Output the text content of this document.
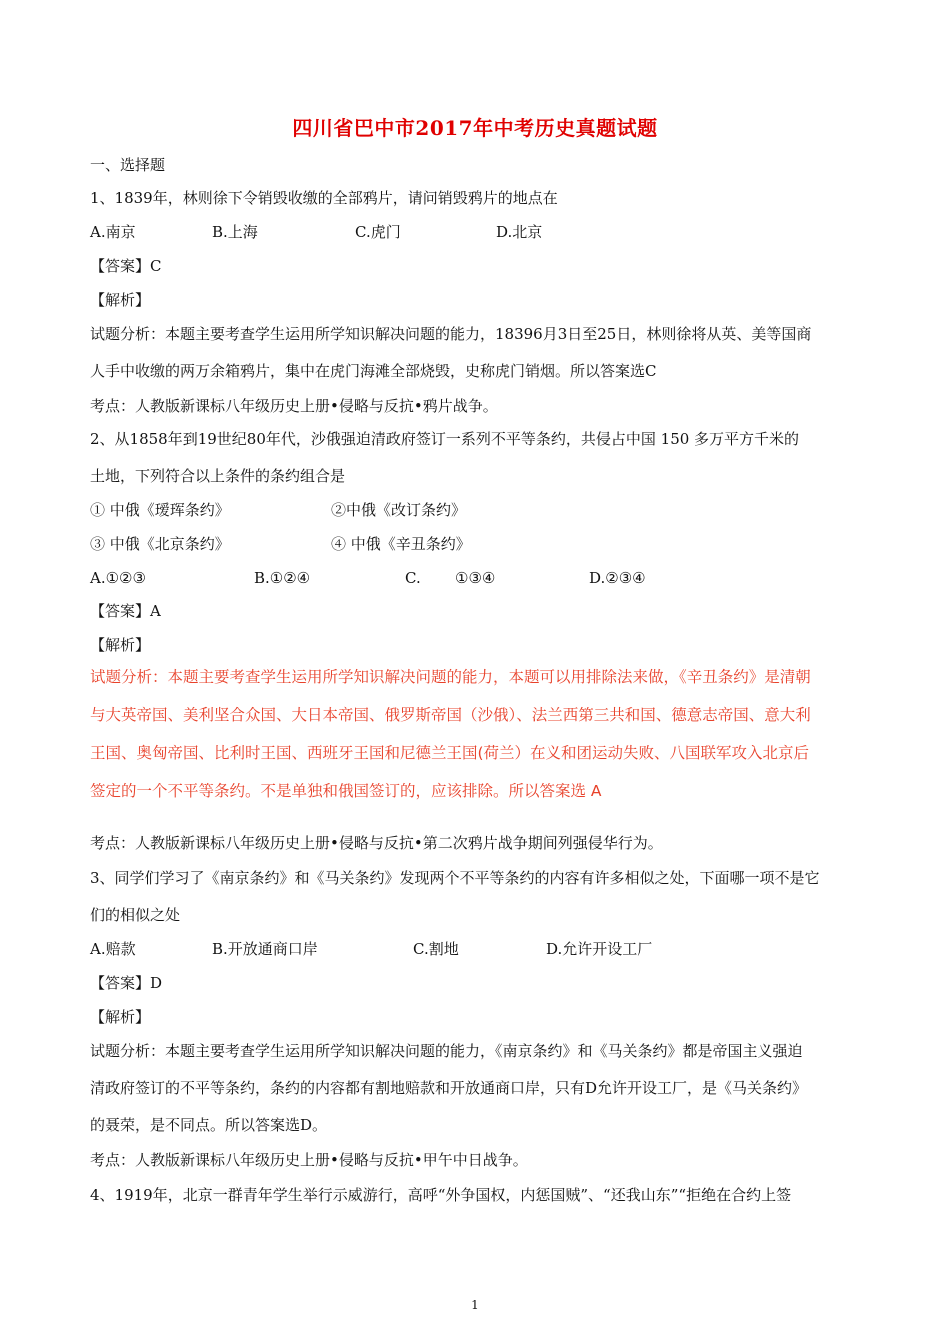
四川省巴中市2017年中考历史真题试题
一、选择题
1、1839年，林则徐下令销毁收缴的全部鸦片，请问销毁鸦片的地点在
A.南京	B.上海	C.虎门	D.北京
【答案】C
【解析】
试题分析：本题主要考查学生运用所学知识解决问题的能力，18396月3日至25日，林则徐将从英、美等国商
人手中收缴的两万余箱鸦片，集中在虎门海滩全部烧毁，史称虎门销烟。所以答案选C
考点：人教版新课标八年级历史上册•侵略与反抗•鸦片战争。
2、从1858年到19世纪80年代，沙俄强迫清政府签订一系列不平等条约，共侵占中国 150 多万平方千米的
土地，下列符合以上条件的条约组合是
① 中俄《瑷珲条约》	②中俄《改订条约》
③ 中俄《北京条约》	④ 中俄《辛丑条约》
A.①②③	B.①②④	C. ①③④	D.②③④
【答案】A
【解析】
试题分析：本题主要考查学生运用所学知识解决问题的能力，本题可以用排除法来做，《辛丑条约》是清朝
与大英帝国、美利坚合众国、大日本帝国、俄罗斯帝国（沙俄）、法兰西第三共和国、德意志帝国、意大利
王国、奥匈帝国、比利时王国、西班牙王国和尼德兰王国(荷兰）在义和团运动失败、八国联军攻入北京后
签定的一个不平等条约。不是单独和俄国签订的，应该排除。所以答案选 A
考点：人教版新课标八年级历史上册•侵略与反抗•第二次鸦片战争期间列强侵华行为。
3、同学们学习了《南京条约》和《马关条约》发现两个不平等条约的内容有许多相似之处，下面哪一项不是它
们的相似之处
A.赔款	B.开放通商口岸	C.割地	D.允许开设工厂
【答案】D
【解析】
试题分析：本题主要考查学生运用所学知识解决问题的能力，《南京条约》和《马关条约》都是帝国主义强迫
清政府签订的不平等条约，条约的内容都有割地赔款和开放通商口岸，只有D允许开设工厂，是《马关条约》
的聂荣，是不同点。所以答案选D。
考点：人教版新课标八年级历史上册•侵略与反抗•甲午中日战争。
4、1919年，北京一群青年学生举行示威游行，高呼“外争国权，内惩国贼”、“还我山东”“拒绝在合约上签
1
